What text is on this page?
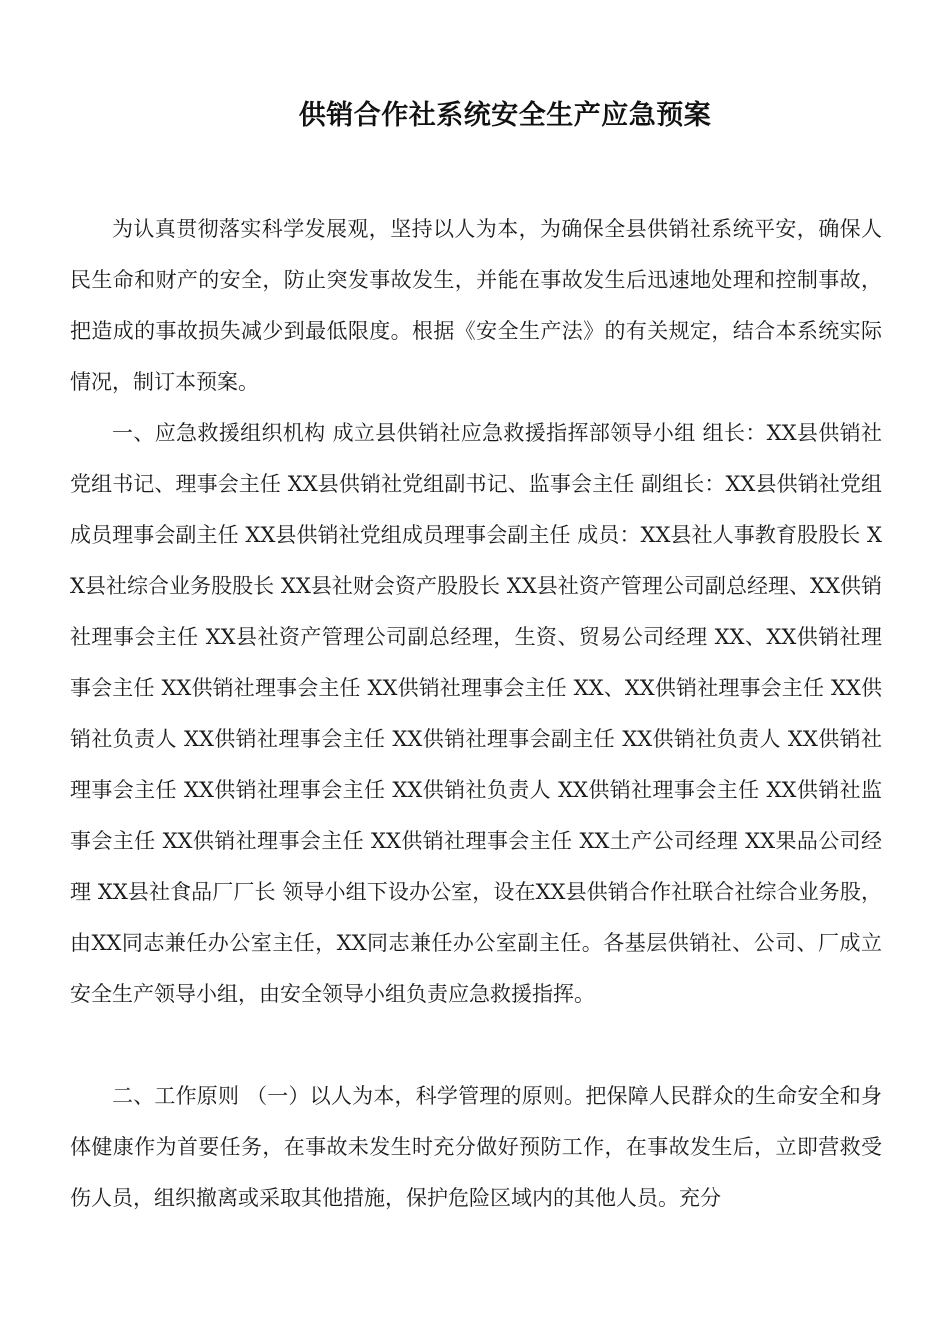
供销合作社系统安全生产应急预案

为认真贯彻落实科学发展观，坚持以人为本，为确保全县供销社系统平安，确保人民生命和财产的安全，防止突发事故发生，并能在事故发生后迅速地处理和控制事故，把造成的事故损失减少到最低限度。根据《安全生产法》的有关规定，结合本系统实际情况，制订本预案。

一、应急救援组织机构 成立县供销社应急救援指挥部领导小组 组长：XX县供销社党组书记、理事会主任 XX县供销社党组副书记、监事会主任 副组长：XX县供销社党组成员理事会副主任 XX县供销社党组成员理事会副主任 成员：XX县社人事教育股股长 XX县社综合业务股股长 XX县社财会资产股股长 XX县社资产管理公司副总经理、XX供销社理事会主任 XX县社资产管理公司副总经理，生资、贸易公司经理 XX、XX供销社理事会主任 XX供销社理事会主任 XX供销社理事会主任 XX、XX供销社理事会主任 XX供销社负责人 XX供销社理事会主任 XX供销社理事会副主任 XX供销社负责人 XX供销社理事会主任 XX供销社理事会主任 XX供销社负责人 XX供销社理事会主任 XX供销社监事会主任 XX供销社理事会主任 XX供销社理事会主任 XX土产公司经理 XX果品公司经理 XX县社食品厂厂长 领导小组下设办公室，设在XX县供销合作社联合社综合业务股，由XX同志兼任办公室主任，XX同志兼任办公室副主任。各基层供销社、公司、厂成立安全生产领导小组，由安全领导小组负责应急救援指挥。

二、工作原则 （一）以人为本，科学管理的原则。把保障人民群众的生命安全和身体健康作为首要任务，在事故未发生时充分做好预防工作，在事故发生后，立即营救受伤人员，组织撤离或采取其他措施，保护危险区域内的其他人员。充分
